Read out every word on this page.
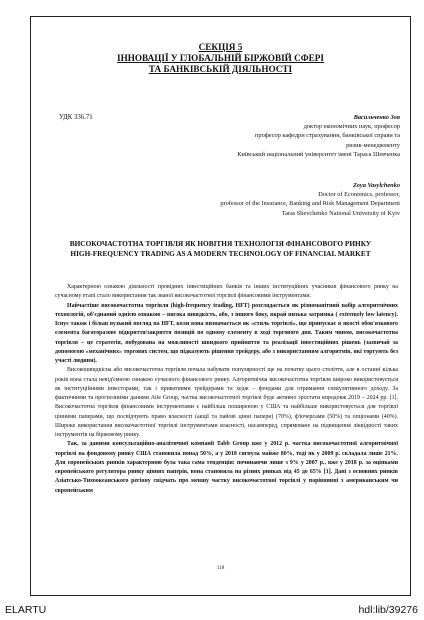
СЕКЦІЯ 5
ІННОВАЦІЇ У ГЛОБАЛЬНІЙ БІРЖОВІЙ СФЕРІ
ТА БАНКІВСЬКІЙ ДІЯЛЬНОСТІ
УДК 336.71	Васильченко Зоя
доктор економічних наук, професор
професор кафедри страхування, банківської справи та
ризик-менеджменту
Київський національний університет імені Тараса Шевченка
Zoya Vasylchenko
Doctor of Economics, professor,
professor of the Insurance, Banking and Risk Management Department
Taras Shevchenko National University of Kyiv
ВИСОКОЧАСТОТНА ТОРГІВЛЯ ЯК НОВІТНЯ ТЕХНОЛОГІЯ ФІНАНСОВОГО РИНКУ
HIGH-FREQUENCY TRADING AS A MODERN TECHNOLOGY OF FINANCIAL MARKET

Характерною ознакою діяльності провідних інвестиційних банків та інших інституційних учасників фінансового ринку на сучасному етапі стало використання так званої високочастотної торгівлі фінансовими інструментами.

Найчастіше високочастотна торгівля (high-frequency trading, HFT) розглядається як різноманітний набір алгоритмічних технологій, об'єднаний однією ознакою – висока швидкість, або, з іншого боку, вкрай низька затримка ( extremely low latency). Існує також і більш вузький погляд на HFT, коли вона визначається як «стиль торгівлі», що припускає в якості обов'язкового елемента багаторазове відкриття/закриття позицій по одному елементу в ході торгового дня. Таким чином, високочастотна торгівля – це стратегія, побудована на можливості швидкого прийняття та реалізації інвестиційних рішень (зазвичай за допомогою «механічних» торгових систем, що підказують рішення трейдеру, або з використанням алгоритмів, які торгують без участі людини).

Високошвидкісна або високочастотна торгівля почала набувати популярності ще на початку цього століття, але в останні кілька років вона стала невід'ємною ознакою сучасного фінансового ринку. Алгоритмічна високочастотна торгівля широко використовується як інституційними інвесторами, так і приватними трейдерами та хедж – фондами для отримання спекулятивного доходу. За фактичними та прогнозними даними Aite Group, частка високочастотної торгівлі буде активно зростати впродовж 2019 – 2024 рр. [1]. Високочастотна торгівля фінансовими інструментами є найбільш поширеною у США та найбільше використовується для торгівлі цінними паперами, що посвідчують право власності (акції та пайові цінні папери) (70%), ф'ючерсами (50%) та опціонами (40%). Широке використання високочастотної торгівлі інструментами власності, насамперед, спрямоване на підвищення ліквідності таких інструментів на біржовому ринку.

Так, за даними консультаційно-аналітичної компанії Tabb Group вже у 2012 р. частка високочастотної алгоритмічної торгівлі на фондовому ринку США становила понад 50%, а у 2018 сягнула майже 80%, тоді як у 2009 р. складала лише 21%. Для європейських ринків характерною була така сама тенденція: починаючи лише з 9% у 2007 р., вже у 2018 р. за оцінками європейського регулятора ринку цінних паперів, вона становила на різних ринках від 45 до 65% [1]. Дані з основних ринків Азіатсько-Тихоокеанського регіону свідчать про меншу частку високочастотної торгівлі у порівнянні з американським чи європейським

118
ELARTU	hdl:lib/39276
